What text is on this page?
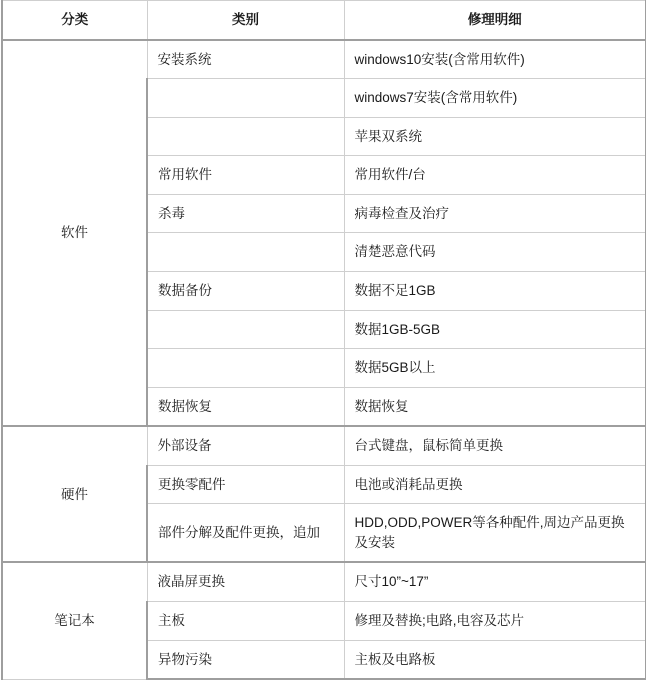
分类	类别	修理明细
软件	安装系统	windows10安装(含常用软件)
		windows7安装(含常用软件)
		苹果双系统
	常用软件	常用软件/台
	杀毒	病毒检查及治疗
		清楚恶意代码
	数据备份	数据不足1GB
		数据1GB-5GB
		数据5GB以上
	数据恢复	数据恢复
硬件	外部设备	台式键盘，鼠标简单更换
	更换零配件	电池或消耗品更换
	部件分解及配件更换，追加	HDD,ODD,POWER等各种配件,周边产品更换及安装
笔记本	液晶屏更换	尺寸10”~17”
	主板	修理及替换;电路,电容及芯片
	异物污染	主板及电路板
